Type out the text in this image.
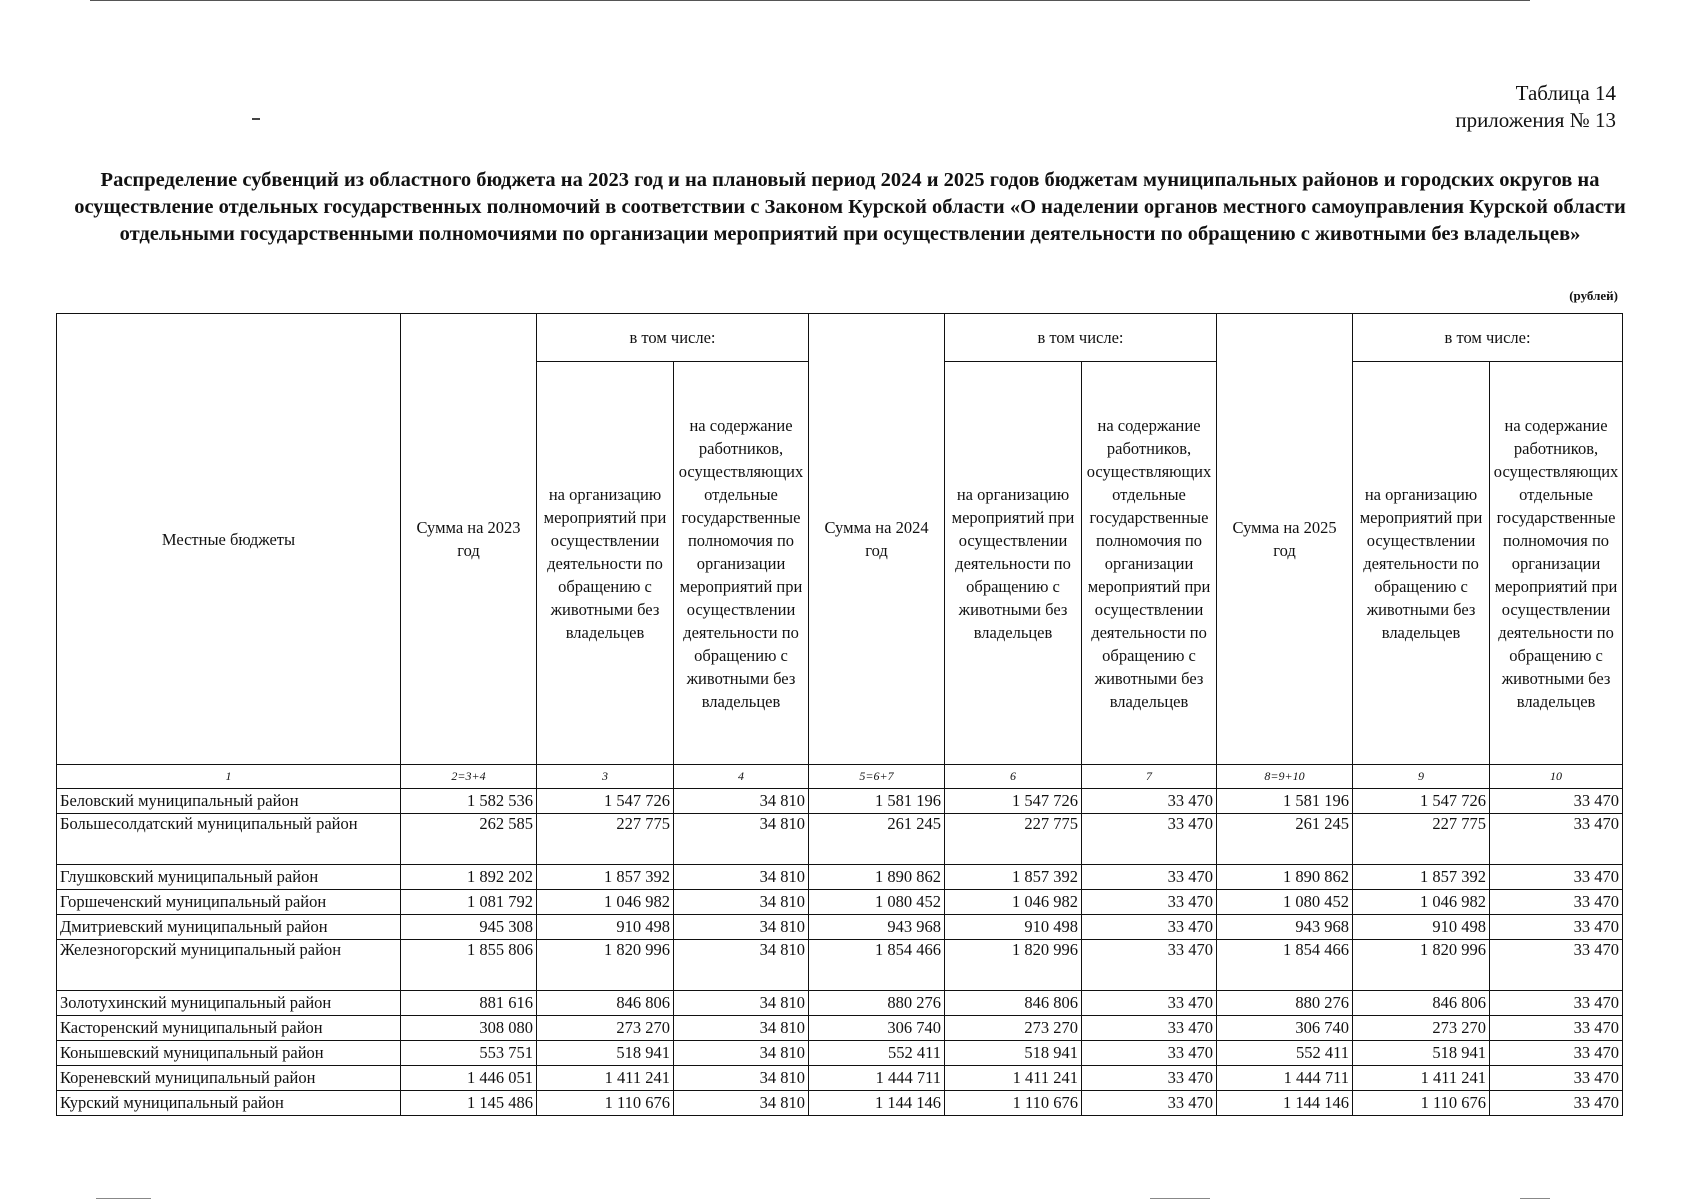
Таблица 14
приложения № 13
Распределение субвенций из областного бюджета на 2023 год и на плановый период 2024 и 2025 годов бюджетам муниципальных районов и городских округов на осуществление отдельных государственных полномочий в соответствии с Законом Курской области «О наделении органов местного самоуправления Курской области отдельными государственными полномочиями по организации мероприятий при осуществлении деятельности по обращению с животными без владельцев»
(рублей)
Местные бюджеты	Сумма на 2023 год	в том числе:		Сумма на 2024 год	в том числе:		Сумма на 2025 год	в том числе:	
		на организацию мероприятий при осуществлении деятельности по обращению с животными без владельцев	на содержание работников, осуществляющих отдельные государственные полномочия по организации мероприятий при осуществлении деятельности по обращению с животными без владельцев		на организацию мероприятий при осуществлении деятельности по обращению с животными без владельцев	на содержание работников, осуществляющих отдельные государственные полномочия по организации мероприятий при осуществлении деятельности по обращению с животными без владельцев		на организацию мероприятий при осуществлении деятельности по обращению с животными без владельцев	на содержание работников, осуществляющих отдельные государственные полномочия по организации мероприятий при осуществлении деятельности по обращению с животными без владельцев
1	2=3+4	3	4	5=6+7	6	7	8=9+10	9	10
Беловский муниципальный район	1 582 536	1 547 726	34 810	1 581 196	1 547 726	33 470	1 581 196	1 547 726	33 470
Большесолдатский муниципальный район	262 585	227 775	34 810	261 245	227 775	33 470	261 245	227 775	33 470
Глушковский муниципальный район	1 892 202	1 857 392	34 810	1 890 862	1 857 392	33 470	1 890 862	1 857 392	33 470
Горшеченский муниципальный район	1 081 792	1 046 982	34 810	1 080 452	1 046 982	33 470	1 080 452	1 046 982	33 470
Дмитриевский муниципальный район	945 308	910 498	34 810	943 968	910 498	33 470	943 968	910 498	33 470
Железногорский муниципальный район	1 855 806	1 820 996	34 810	1 854 466	1 820 996	33 470	1 854 466	1 820 996	33 470
Золотухинский муниципальный район	881 616	846 806	34 810	880 276	846 806	33 470	880 276	846 806	33 470
Касторенский муниципальный район	308 080	273 270	34 810	306 740	273 270	33 470	306 740	273 270	33 470
Конышевский муниципальный район	553 751	518 941	34 810	552 411	518 941	33 470	552 411	518 941	33 470
Кореневский муниципальный район	1 446 051	1 411 241	34 810	1 444 711	1 411 241	33 470	1 444 711	1 411 241	33 470
Курский муниципальный район	1 145 486	1 110 676	34 810	1 144 146	1 110 676	33 470	1 144 146	1 110 676	33 470
